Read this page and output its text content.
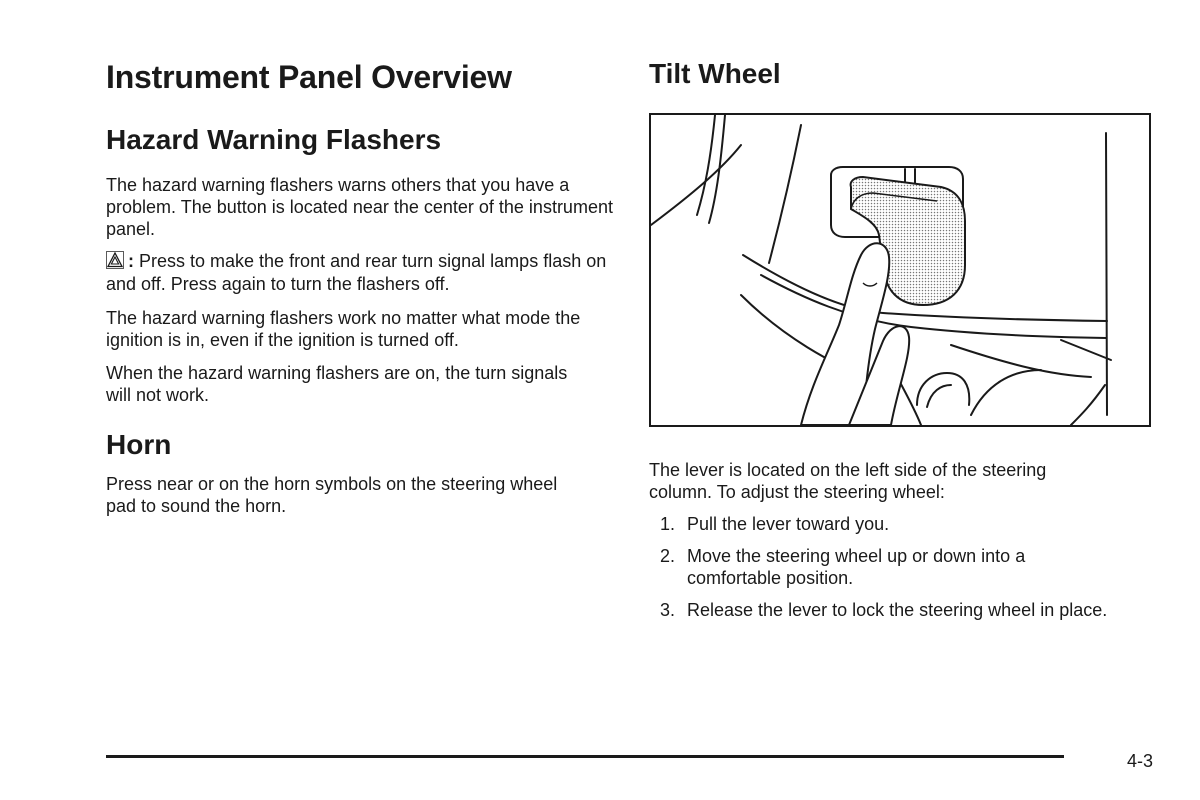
Instrument Panel Overview
Hazard Warning Flashers

The hazard warning flashers warns others that you have a problem. The button is located near the center of the instrument panel.

: Press to make the front and rear turn signal lamps flash on and off. Press again to turn the flashers off.

The hazard warning flashers work no matter what mode the ignition is in, even if the ignition is turned off.

When the hazard warning flashers are on, the turn signals will not work.

Horn

Press near or on the horn symbols on the steering wheel pad to sound the horn.

Tilt Wheel

The lever is located on the left side of the steering column. To adjust the steering wheel:

1. Pull the lever toward you.
2. Move the steering wheel up or down into a comfortable position.
3. Release the lever to lock the steering wheel in place.
4-3
